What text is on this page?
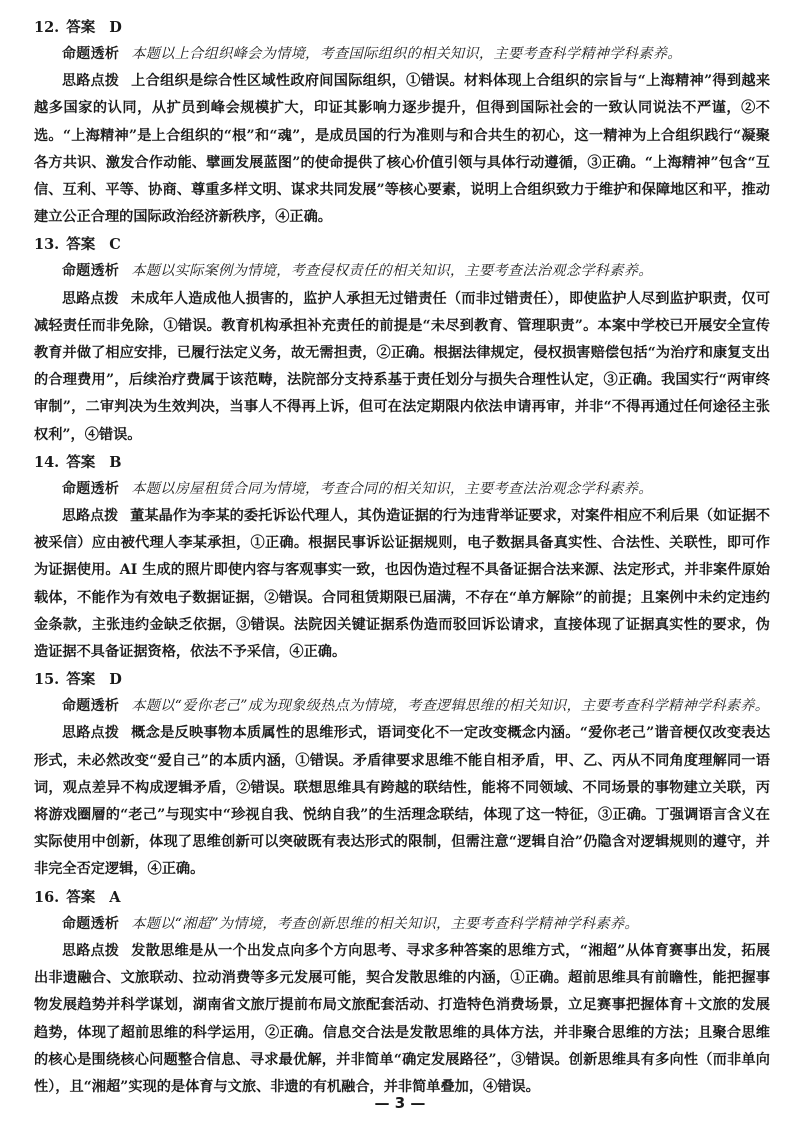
12. 答案 D

命题透析 本题以上合组织峰会为情境，考查国际组织的相关知识，主要考查科学精神学科素养。

思路点拨 上合组织是综合性区域性政府间国际组织，①错误。材料体现上合组织的宗旨与“上海精神”得到越来越多国家的认同，从扩员到峰会规模扩大，印证其影响力逐步提升，但得到国际社会的一致认同说法不严谨，②不选。“上海精神”是上合组织的“根”和“魂”，是成员国的行为准则与和合共生的初心，这一精神为上合组织践行“凝聚各方共识、激发合作动能、擘画发展蓝图”的使命提供了核心价值引领与具体行动遵循，③正确。“上海精神”包含“互信、互利、平等、协商、尊重多样文明、谋求共同发展”等核心要素，说明上合组织致力于维护和保障地区和平，推动建立公正合理的国际政治经济新秩序，④正确。

13. 答案 C

命题透析 本题以实际案例为情境，考查侵权责任的相关知识，主要考查法治观念学科素养。

思路点拨 未成年人造成他人损害的，监护人承担无过错责任（而非过错责任），即使监护人尽到监护职责，仅可减轻责任而非免除，①错误。教育机构承担补充责任的前提是“未尽到教育、管理职责”。本案中学校已开展安全宣传教育并做了相应安排，已履行法定义务，故无需担责，②正确。根据法律规定，侵权损害赔偿包括“为治疗和康复支出的合理费用”，后续治疗费属于该范畴，法院部分支持系基于责任划分与损失合理性认定，③正确。我国实行“两审终审制”，二审判决为生效判决，当事人不得再上诉，但可在法定期限内依法申请再审，并非“不得再通过任何途径主张权利”，④错误。

14. 答案 B

命题透析 本题以房屋租赁合同为情境，考查合同的相关知识，主要考查法治观念学科素养。

思路点拨 董某晶作为李某的委托诉讼代理人，其伪造证据的行为违背举证要求，对案件相应不利后果（如证据不被采信）应由被代理人李某承担，①正确。根据民事诉讼证据规则，电子数据具备真实性、合法性、关联性，即可作为证据使用。AI 生成的照片即使内容与客观事实一致，也因伪造过程不具备证据合法来源、法定形式，并非案件原始载体，不能作为有效电子数据证据，②错误。合同租赁期限已届满，不存在“单方解除”的前提；且案例中未约定违约金条款，主张违约金缺乏依据，③错误。法院因关键证据系伪造而驳回诉讼请求，直接体现了证据真实性的要求，伪造证据不具备证据资格，依法不予采信，④正确。

15. 答案 D

命题透析 本题以“爱你老己”成为现象级热点为情境，考查逻辑思维的相关知识，主要考查科学精神学科素养。

思路点拨 概念是反映事物本质属性的思维形式，语词变化不一定改变概念内涵。“爱你老己”谐音梗仅改变表达形式，未必然改变“爱自己”的本质内涵，①错误。矛盾律要求思维不能自相矛盾，甲、乙、丙从不同角度理解同一语词，观点差异不构成逻辑矛盾，②错误。联想思维具有跨越的联结性，能将不同领域、不同场景的事物建立关联，丙将游戏圈層的“老己”与现实中“珍视自我、悦纳自我”的生活理念联结，体现了这一特征，③正确。丁强调语言含义在实际使用中创新，体现了思维创新可以突破既有表达形式的限制，但需注意“逻辑自洽”仍隐含对逻辑规则的遵守，并非完全否定逻辑，④正确。

16. 答案 A

命题透析 本题以“湘超”为情境，考查创新思维的相关知识，主要考查科学精神学科素养。

思路点拨 发散思维是从一个出发点向多个方向思考、寻求多种答案的思维方式，“湘超”从体育赛事出发，拓展出非遗融合、文旅联动、拉动消费等多元发展可能，契合发散思维的内涵，①正确。超前思维具有前瞻性，能把握事物发展趋势并科学谋划，湖南省文旅厅提前布局文旅配套活动、打造特色消费场景，立足赛事把握体育＋文旅的发展趋势，体现了超前思维的科学运用，②正确。信息交合法是发散思维的具体方法，并非聚合思维的方法；且聚合思维的核心是围绕核心问题整合信息、寻求最优解，并非简单“确定发展路径”，③错误。创新思维具有多向性（而非单向性），且“湘超”实现的是体育与文旅、非遗的有机融合，并非简单叠加，④错误。

— 3 —
